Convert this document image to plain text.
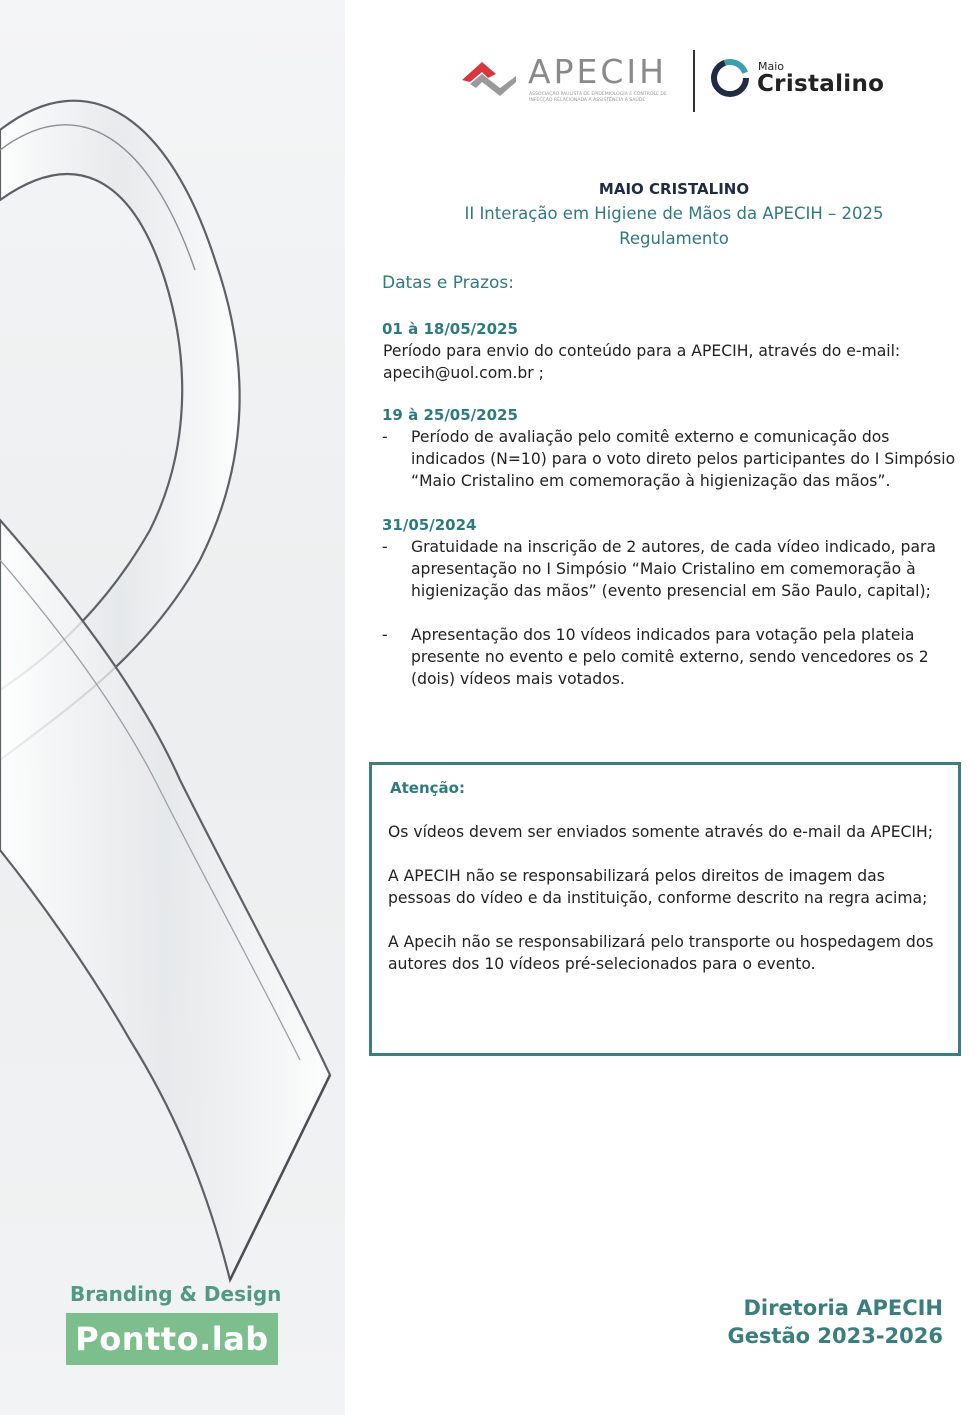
APECIH
ASSOCIAÇÃO PAULISTA DE EPIDEMIOLOGIA E CONTROLE DE INFECÇÃO RELACIONADA À ASSISTÊNCIA À SAÚDE
Maio
Cristalino
MAIO CRISTALINO
II Interação em Higiene de Mãos da APECIH – 2025
Regulamento
Datas e Prazos:
01 à 18/05/2025
Período para envio do conteúdo para a APECIH, através do e-mail: apecih@uol.com.br ;
19 à 25/05/2025
- Período de avaliação pelo comitê externo e comunicação dos indicados (N=10) para o voto direto pelos participantes do I Simpósio “Maio Cristalino em comemoração à higienização das mãos”.
31/05/2024
- Gratuidade na inscrição de 2 autores, de cada vídeo indicado, para apresentação no I Simpósio “Maio Cristalino em comemoração à higienização das mãos” (evento presencial em São Paulo, capital);
- Apresentação dos 10 vídeos indicados para votação pela plateia presente no evento e pelo comitê externo, sendo vencedores os 2 (dois) vídeos mais votados.
Atenção:
Os vídeos devem ser enviados somente através do e-mail da APECIH;
A APECIH não se responsabilizará pelos direitos de imagem das pessoas do vídeo e da instituição, conforme descrito na regra acima;
A Apecih não se responsabilizará pelo transporte ou hospedagem dos autores dos 10 vídeos pré-selecionados para o evento.
Branding & Design
Pontto.lab
Diretoria APECIH
Gestão 2023-2026
